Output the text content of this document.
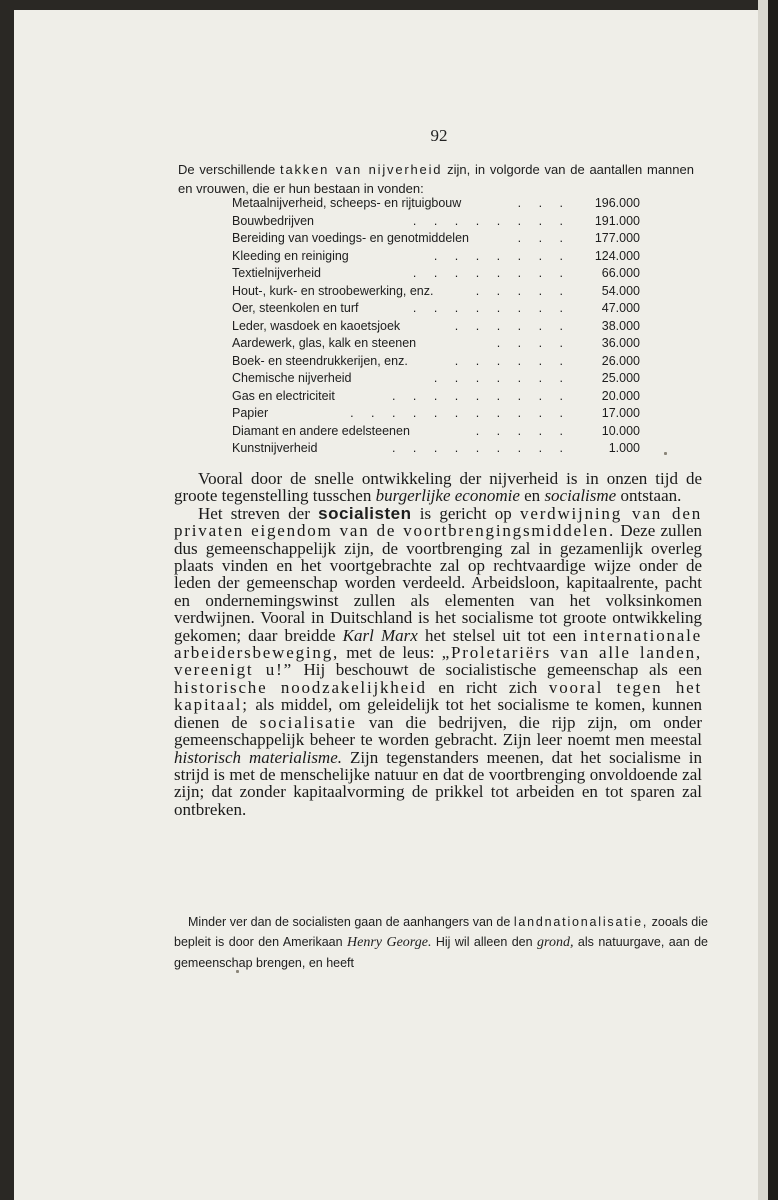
92
De verschillende takken van nijverheid zijn, in volgorde van de aantallen mannen en vrouwen, die er hun bestaan in vonden:
Metaalnijverheid, scheeps- en rijtuigbouw	. . . 196.000
Bouwbedrijven	. . . . . . . . 191.000
Bereiding van voedings- en genotmiddelen	. . . 177.000
Kleeding en reiniging	. . . . . . . 124.000
Textielnijverheid	. . . . . . . .	66.000
Hout-, kurk- en stroobewerking, enz.	. . . . .	54.000
Oer, steenkolen en turf	. . . . . . . .	47.000
Leder, wasdoek en kaoetsjoek	. . . . . .	38.000
Aardewerk, glas, kalk en steenen	. . . .	36.000
Boek- en steendrukkerijen, enz.	. . . . . .	26.000
Chemische nijverheid	. . . . . . .	25.000
Gas en electriciteit	. . . . . . . . .	20.000
Papier	. . . . . . . . . . .	17.000
Diamant en andere edelsteenen	. . . . .	10.000
Kunstnijverheid	. . . . . . . . .	1.000

Vooral door de snelle ontwikkeling der nijverheid is in onzen tijd de groote tegenstelling tusschen burgerlijke economie en socialisme ontstaan.

Het streven der socialisten is gericht op verdwijning van den privaten eigendom van de voortbrengingsmiddelen. Deze zullen dus gemeenschappelijk zijn, de voortbrenging zal in gezamenlijk overleg plaats vinden en het voortgebrachte zal op rechtvaardige wijze onder de leden der gemeenschap worden verdeeld. Arbeidsloon, kapitaalrente, pacht en ondernemingswinst zullen als elementen van het volksinkomen verdwijnen. Vooral in Duitschland is het socialisme tot groote ontwikkeling gekomen; daar breidde Karl Marx het stelsel uit tot een internationale arbeidersbeweging, met de leus: „Proletariërs van alle landen, vereenigt u!” Hij beschouwt de socialistische gemeenschap als een historische noodzakelijkheid en richt zich vooral tegen het kapitaal; als middel, om geleidelijk tot het socialisme te komen, kunnen dienen de socialisatie van die bedrijven, die rijp zijn, om onder gemeenschappelijk beheer te worden gebracht. Zijn leer noemt men meestal historisch materialisme. Zijn tegenstanders meenen, dat het socialisme in strijd is met de menschelijke natuur en dat de voortbrenging onvoldoende zal zijn; dat zonder kapitaalvorming de prikkel tot arbeiden en tot sparen zal ontbreken.

Minder ver dan de socialisten gaan de aanhangers van de landnationalisatie, zooals die bepleit is door den Amerikaan Henry George. Hij wil alleen den grond, als natuurgave, aan de gemeenschap brengen, en heeft
